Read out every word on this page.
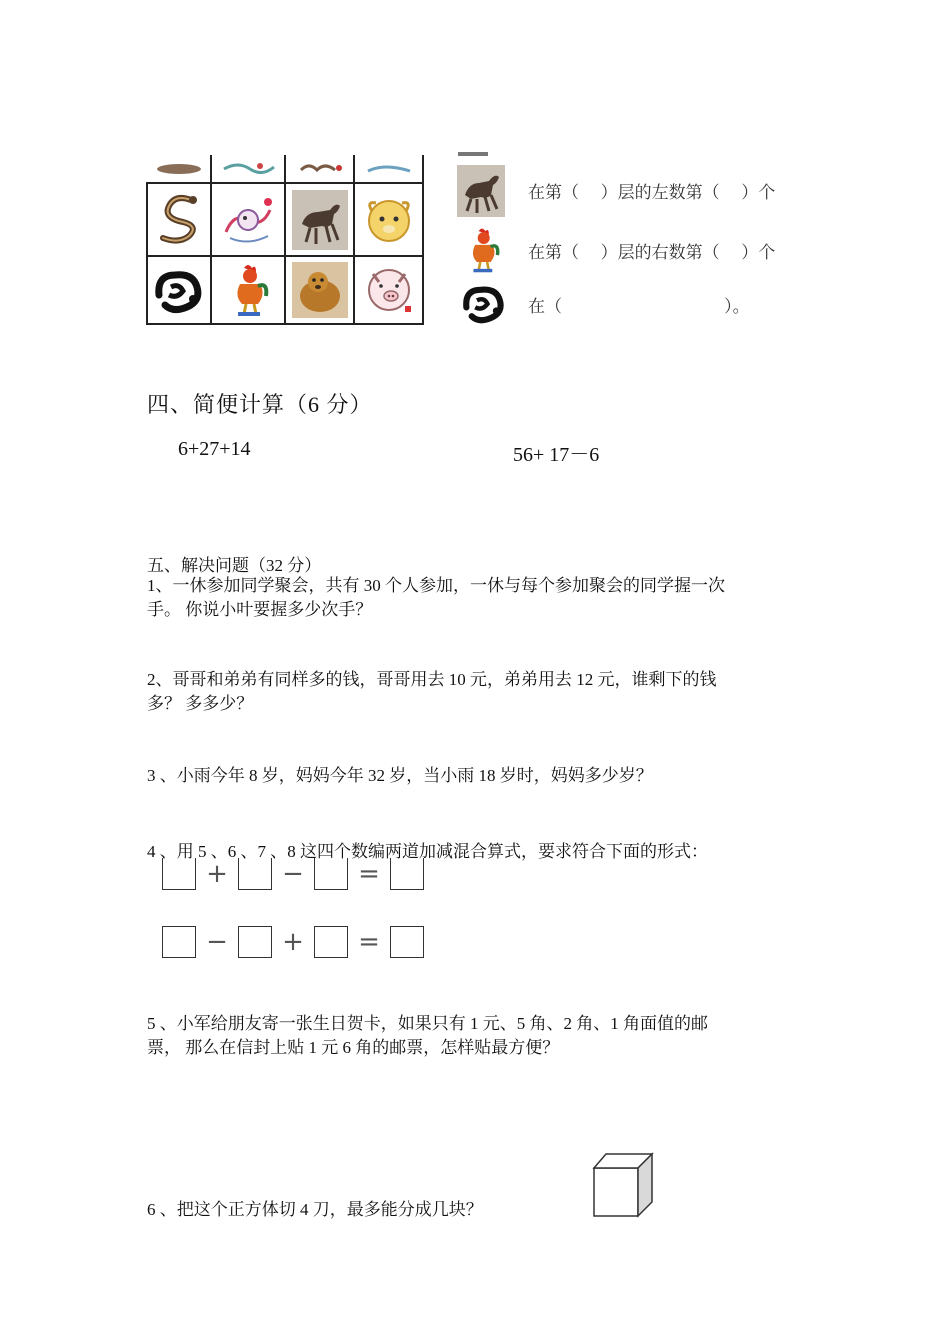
在第（    ）层的左数第（    ）个
在第（    ）层的右数第（    ）个
在（                              ）。
四、简便计算（6 分）
6+27+14	56+ 17－6
五、解决问题（32 分）

1、一休参加同学聚会，共有 30 个人参加，一休与每个参加聚会的同学握一次

手。 你说小叶要握多少次手？

2、哥哥和弟弟有同样多的钱，哥哥用去 10 元，弟弟用去 12 元，谁剩下的钱

多？ 多多少？

3 、小雨今年 8 岁，妈妈今年 32 岁，当小雨 18 岁时，妈妈多少岁？
4 、用 5 、6 、7 、8 这四个数编两道加减混合算式，要求符合下面的形式：
+	−	=
−	+	=

5 、小军给朋友寄一张生日贺卡，如果只有 1 元、5 角、2 角、1 角面值的邮

票， 那么在信封上贴 1 元 6 角的邮票，怎样贴最方便？

6 、把这个正方体切 4 刀，最多能分成几块？
